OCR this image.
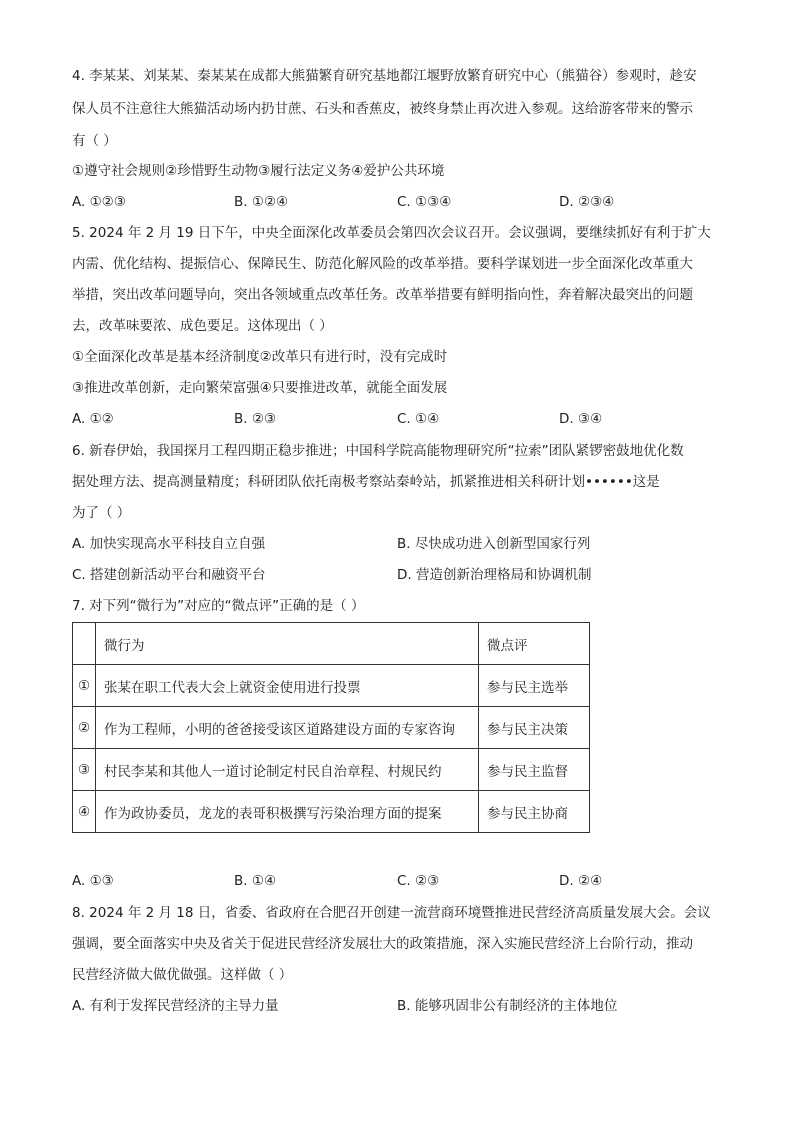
4. 李某某、刘某某、秦某某在成都大熊猫繁育研究基地都江堰野放繁育研究中心（熊猫谷）参观时，趁安
保人员不注意往大熊猫活动场内扔甘蔗、石头和香蕉皮，被终身禁止再次进入参观。这给游客带来的警示
有（ ）
①遵守社会规则②珍惜野生动物③履行法定义务④爱护公共环境
A. ①②③	B. ①②④	C. ①③④	D. ②③④
5. 2024 年 2 月 19 日下午，中央全面深化改革委员会第四次会议召开。会议强调，要继续抓好有利于扩大
内需、优化结构、提振信心、保障民生、防范化解风险的改革举措。要科学谋划进一步全面深化改革重大
举措，突出改革问题导向，突出各领域重点改革任务。改革举措要有鲜明指向性，奔着解决最突出的问题
去，改革味要浓、成色要足。这体现出（ ）
①全面深化改革是基本经济制度②改革只有进行时，没有完成时
③推进改革创新，走向繁荣富强④只要推进改革，就能全面发展
A. ①②	B. ②③	C. ①④	D. ③④
6. 新春伊始，我国探月工程四期正稳步推进；中国科学院高能物理研究所“拉索”团队紧锣密鼓地优化数
据处理方法、提高测量精度；科研团队依托南极考察站秦岭站，抓紧推进相关科研计划••••••这是
为了（ ）
A. 加快实现高水平科技自立自强	B. 尽快成功进入创新型国家行列
C. 搭建创新活动平台和融资平台	D. 营造创新治理格局和协调机制
7. 对下列“微行为”对应的“微点评”正确的是（ ）
	微行为	微点评
①	张某在职工代表大会上就资金使用进行投票	参与民主选举
②	作为工程师，小明的爸爸接受该区道路建设方面的专家咨询	参与民主决策
③	村民李某和其他人一道讨论制定村民自治章程、村规民约	参与民主监督
④	作为政协委员，龙龙的表哥积极撰写污染治理方面的提案	参与民主协商
A. ①③	B. ①④	C. ②③	D. ②④
8. 2024 年 2 月 18 日，省委、省政府在合肥召开创建一流营商环境暨推进民营经济高质量发展大会。会议
强调，要全面落实中央及省关于促进民营经济发展壮大的政策措施，深入实施民营经济上台阶行动，推动
民营经济做大做优做强。这样做（ ）
A. 有利于发挥民营经济的主导力量	B. 能够巩固非公有制经济的主体地位
